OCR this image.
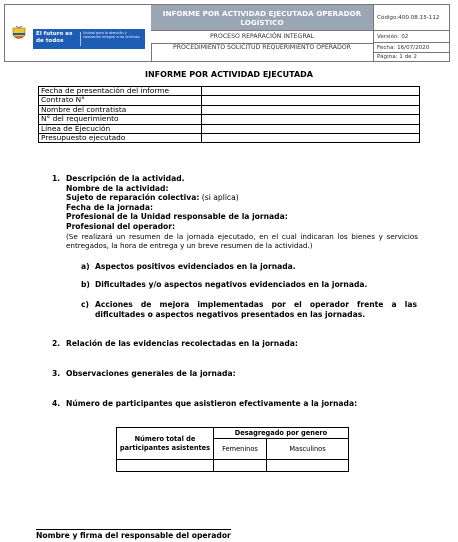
El futuro es de todos
Unidad para la atención y reparación integral a las víctimas
INFORME POR ACTIVIDAD EJECUTADA OPERADOR LOGÍSTICO
PROCESO REPARACIÓN INTEGRAL
PROCEDIMIENTO SOLICITUD REQUERIMIENTO OPERADOR
Código:400.08.15-112
Versión: 02
Fecha: 16/07/2020
Página: 1 de 2
INFORME POR ACTIVIDAD EJECUTADA
Fecha de presentación del informe	
Contrato N°	
Nombre del contratista	
N° del requerimiento	
Línea de Ejecución	
Presupuesto ejecutado	
1. Descripción de la actividad.
Nombre de la actividad:
Sujeto de reparación colectiva: (si aplica)
Fecha de la jornada:
Profesional de la Unidad responsable de la jornada:
Profesional del operador:
(Se realizará un resumen de la jornada ejecutado, en el cual indicaran los bienes y servicios entregados, la hora de entrega y un breve resumen de la actividad.)
a) Aspectos positivos evidenciados en la jornada.
b) Dificultades y/o aspectos negativos evidenciados en la jornada.
c) Acciones de mejora implementadas por el operador frente a las dificultades o aspectos negativos presentados en las jornadas.
2. Relación de las evidencias recolectadas en la jornada:
3. Observaciones generales de la jornada:
4. Número de participantes que asistieron efectivamente a la jornada:
Número total de participantes asistentes	Desagregado por genero	
	Femeninos	Masculinos

Nombre y firma del responsable del operador
